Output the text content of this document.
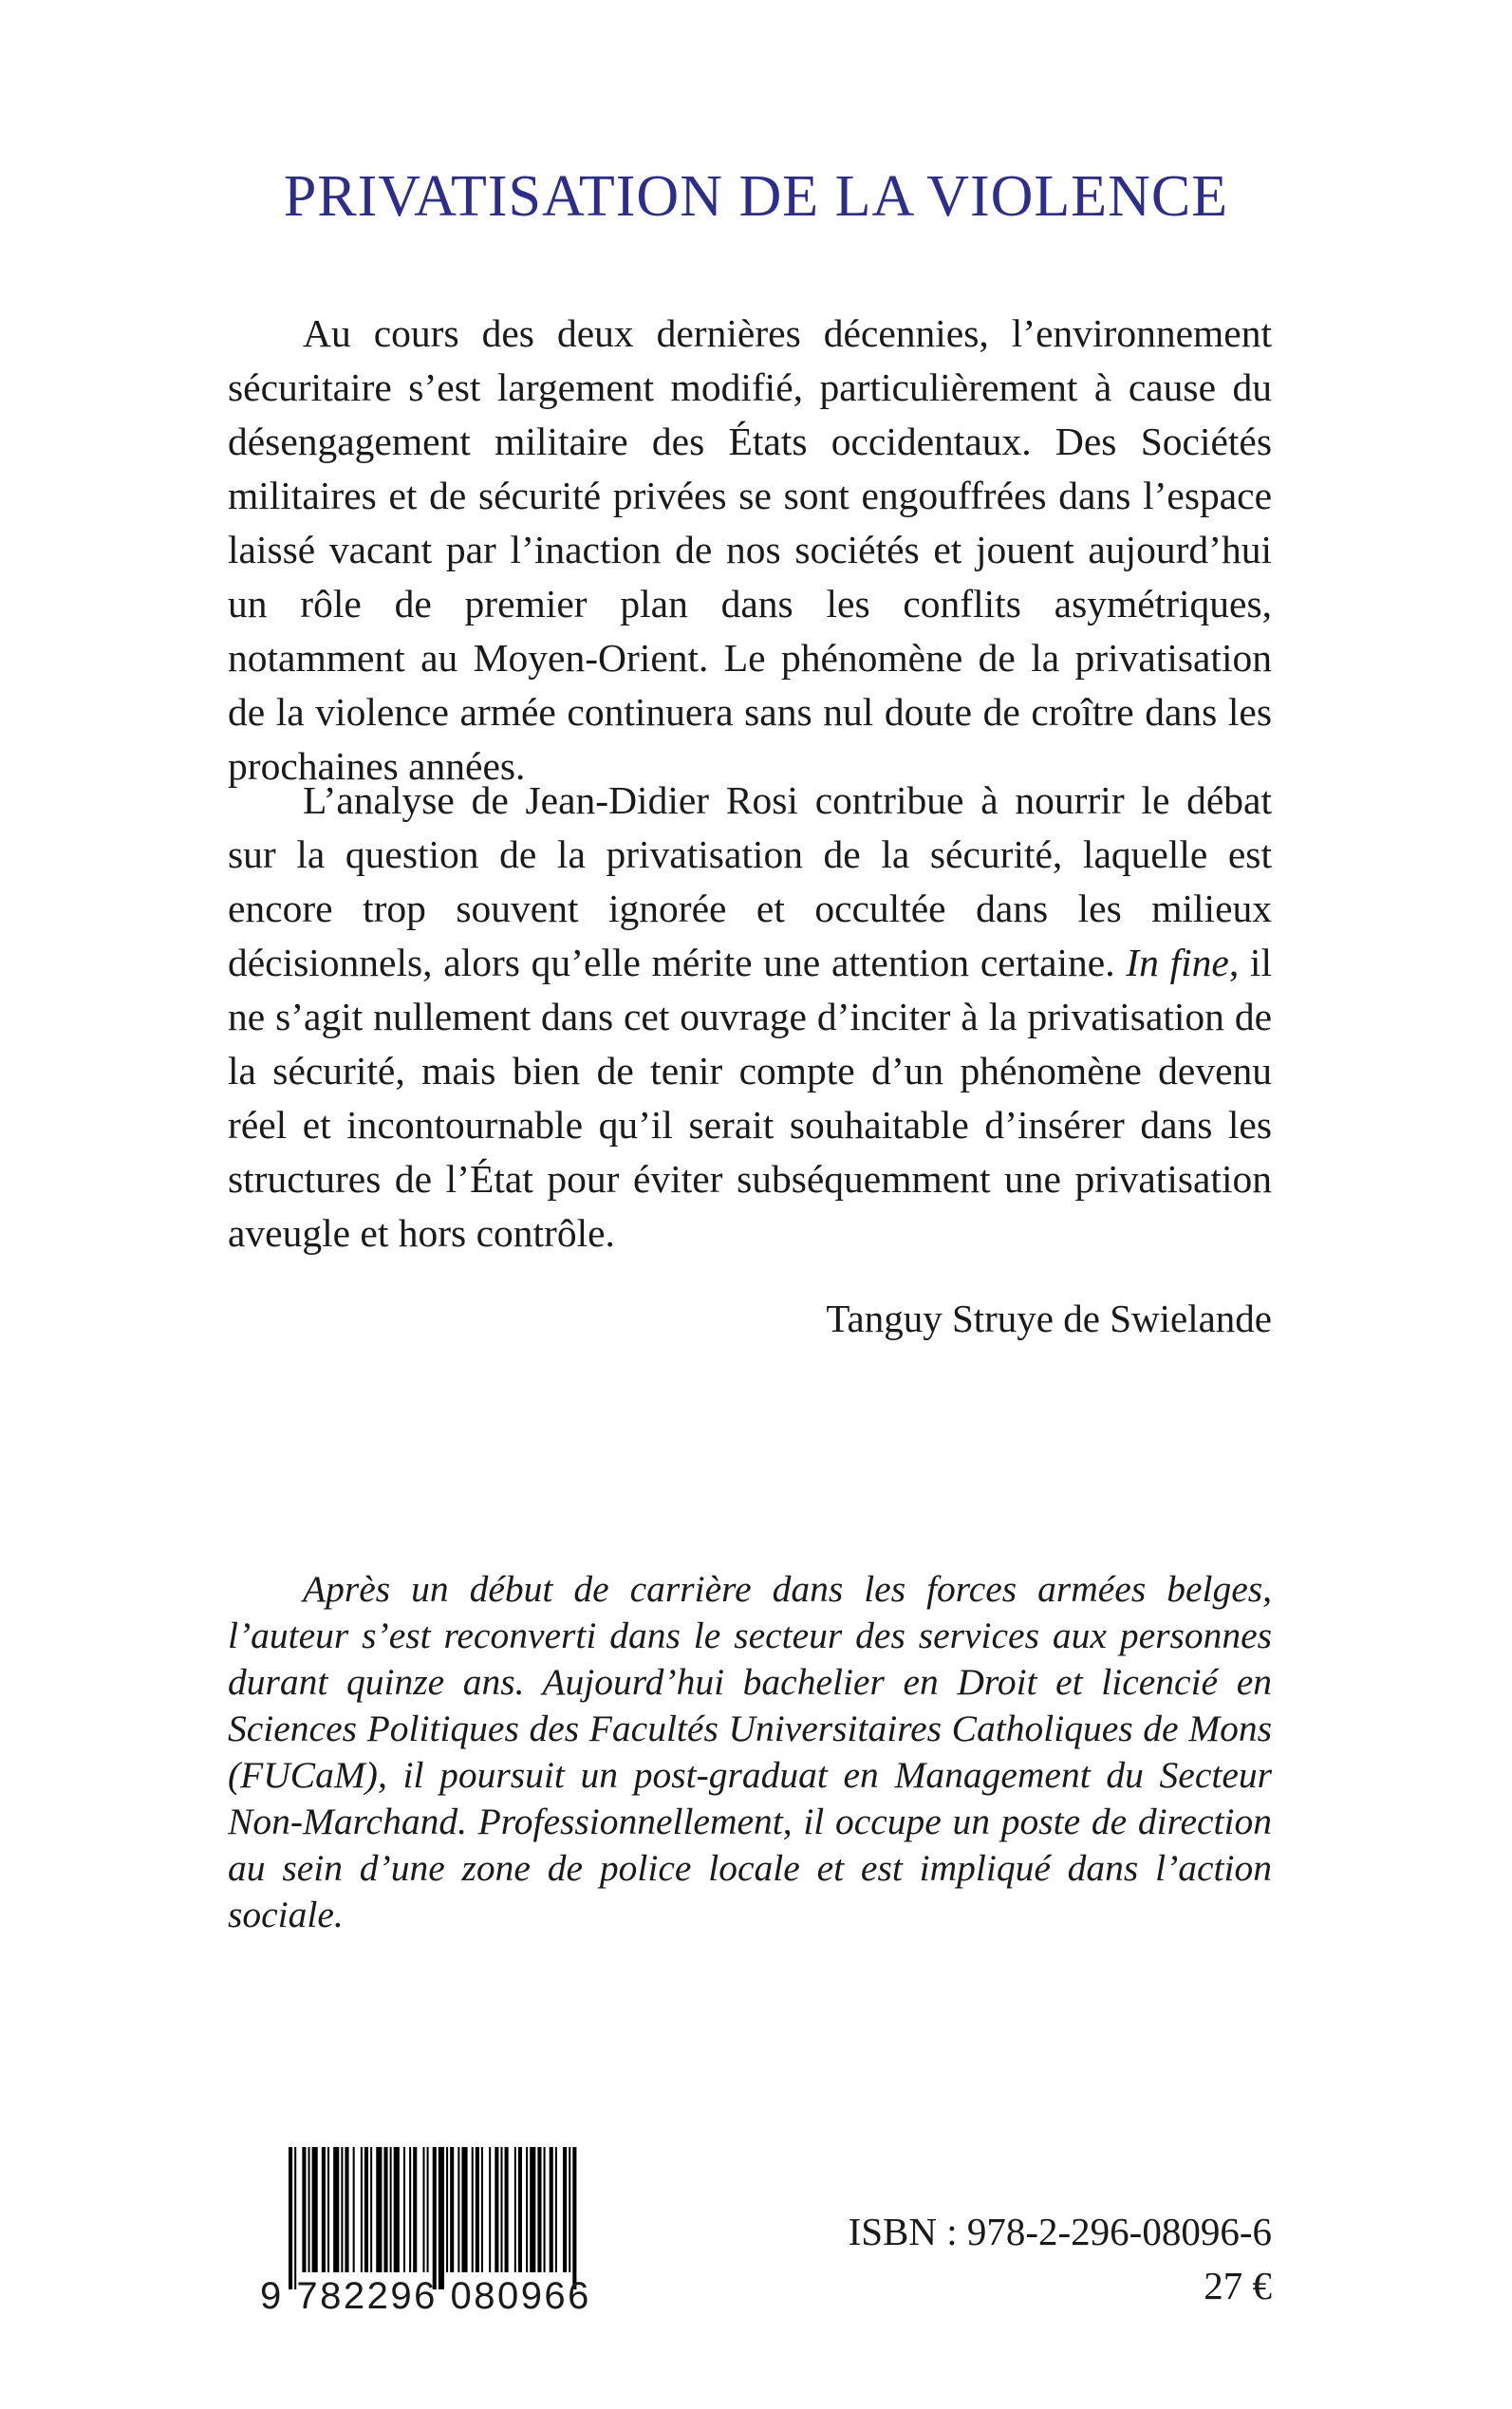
PRIVATISATION DE LA VIOLENCE

Au cours des deux dernières décennies, l’environnement sécuritaire s’est largement modifié, particulièrement à cause du désengagement militaire des États occidentaux. Des Sociétés militaires et de sécurité privées se sont engouffrées dans l’espace laissé vacant par l’inaction de nos sociétés et jouent aujourd’hui un rôle de premier plan dans les conflits asymétriques, notamment au Moyen-Orient. Le phénomène de la privatisation de la violence armée continuera sans nul doute de croître dans les prochaines années.

L’analyse de Jean-Didier Rosi contribue à nourrir le débat sur la question de la privatisation de la sécurité, laquelle est encore trop souvent ignorée et occultée dans les milieux décisionnels, alors qu’elle mérite une attention certaine. In fine, il ne s’agit nullement dans cet ouvrage d’inciter à la privatisation de la sécurité, mais bien de tenir compte d’un phénomène devenu réel et incontournable qu’il serait souhaitable d’insérer dans les structures de l’État pour éviter subséquemment une privatisation aveugle et hors contrôle.

Tanguy Struye de Swielande

Après un début de carrière dans les forces armées belges, l’auteur s’est reconverti dans le secteur des services aux personnes durant quinze ans. Aujourd’hui bachelier en Droit et licencié en Sciences Politiques des Facultés Universitaires Catholiques de Mons (FUCaM), il poursuit un post-graduat en Management du Secteur Non-Marchand. Professionnellement, il occupe un poste de direction au sein d’une zone de police locale et est impliqué dans l’action sociale.

9 782296 080966

ISBN : 978-2-296-08096-6

27 €
